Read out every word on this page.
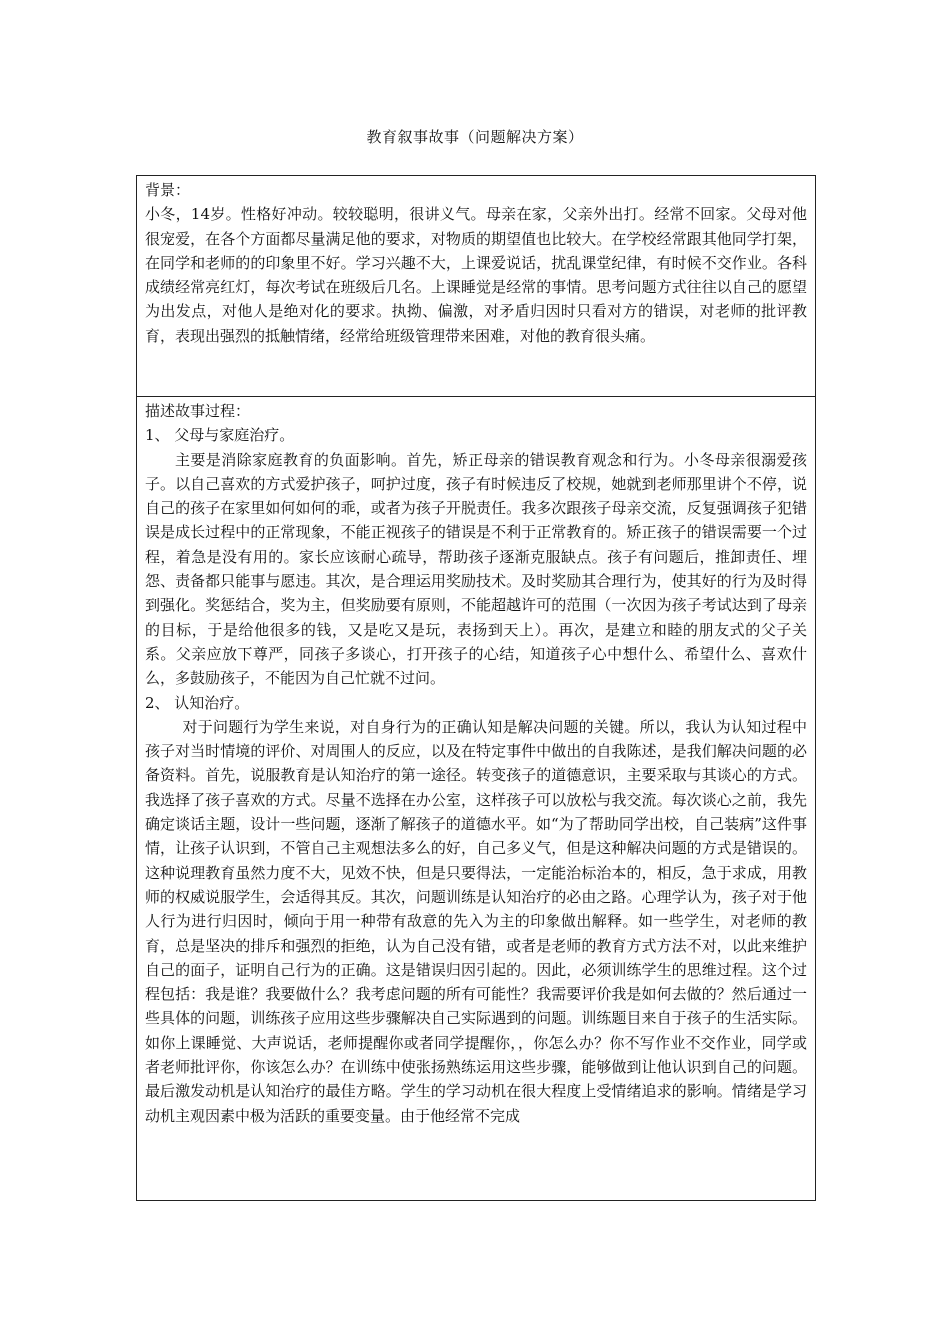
教育叙事故事（问题解决方案）

背景：

小冬，14岁。性格好冲动。较较聪明，很讲义气。母亲在家，父亲外出打。经常不回家。父母对他很宠爱，在各个方面都尽量满足他的要求，对物质的期望值也比较大。在学校经常跟其他同学打架，在同学和老师的的印象里不好。学习兴趣不大，上课爱说话，扰乱课堂纪律，有时候不交作业。各科成绩经常亮红灯，每次考试在班级后几名。上课睡觉是经常的事情。思考问题方式往往以自己的愿望为出发点，对他人是绝对化的要求。执拗、偏激，对矛盾归因时只看对方的错误，对老师的批评教育，表现出强烈的抵触情绪，经常给班级管理带来困难，对他的教育很头痛。

描述故事过程：

1、 父母与家庭治疗。

主要是消除家庭教育的负面影响。首先，矫正母亲的错误教育观念和行为。小冬母亲很溺爱孩子。以自己喜欢的方式爱护孩子，呵护过度，孩子有时候违反了校规，她就到老师那里讲个不停，说自己的孩子在家里如何如何的乖，或者为孩子开脱责任。我多次跟孩子母亲交流，反复强调孩子犯错误是成长过程中的正常现象，不能正视孩子的错误是不利于正常教育的。矫正孩子的错误需要一个过程，着急是没有用的。家长应该耐心疏导，帮助孩子逐渐克服缺点。孩子有问题后，推卸责任、埋怨、责备都只能事与愿违。其次，是合理运用奖励技术。及时奖励其合理行为，使其好的行为及时得到强化。奖惩结合，奖为主，但奖励要有原则，不能超越许可的范围（一次因为孩子考试达到了母亲的目标，于是给他很多的钱，又是吃又是玩，表扬到天上）。再次，是建立和睦的朋友式的父子关系。父亲应放下尊严，同孩子多谈心，打开孩子的心结，知道孩子心中想什么、希望什么、喜欢什么，多鼓励孩子，不能因为自己忙就不过问。

2、 认知治疗。

对于问题行为学生来说，对自身行为的正确认知是解决问题的关键。所以，我认为认知过程中孩子对当时情境的评价、对周围人的反应，以及在特定事件中做出的自我陈述，是我们解决问题的必备资料。首先，说服教育是认知治疗的第一途径。转变孩子的道德意识，主要采取与其谈心的方式。我选择了孩子喜欢的方式。尽量不选择在办公室，这样孩子可以放松与我交流。每次谈心之前，我先确定谈话主题，设计一些问题，逐渐了解孩子的道德水平。如“为了帮助同学出校，自己装病”这件事情，让孩子认识到，不管自己主观想法多么的好，自己多义气，但是这种解决问题的方式是错误的。这种说理教育虽然力度不大，见效不快，但是只要得法，一定能治标治本的，相反，急于求成，用教师的权威说服学生，会适得其反。其次，问题训练是认知治疗的必由之路。心理学认为，孩子对于他人行为进行归因时，倾向于用一种带有敌意的先入为主的印象做出解释。如一些学生，对老师的教育，总是坚决的排斥和强烈的拒绝，认为自己没有错，或者是老师的教育方式方法不对，以此来维护自己的面子，证明自己行为的正确。这是错误归因引起的。因此，必须训练学生的思维过程。这个过程包括：我是谁？我要做什么？我考虑问题的所有可能性？我需要评价我是如何去做的？然后通过一些具体的问题，训练孩子应用这些步骤解决自己实际遇到的问题。训练题目来自于孩子的生活实际。如你上课睡觉、大声说话，老师提醒你或者同学提醒你，，你怎么办？你不写作业不交作业，同学或者老师批评你，你该怎么办？在训练中使张扬熟练运用这些步骤，能够做到让他认识到自己的问题。最后激发动机是认知治疗的最佳方略。学生的学习动机在很大程度上受情绪追求的影响。情绪是学习动机主观因素中极为活跃的重要变量。由于他经常不完成
